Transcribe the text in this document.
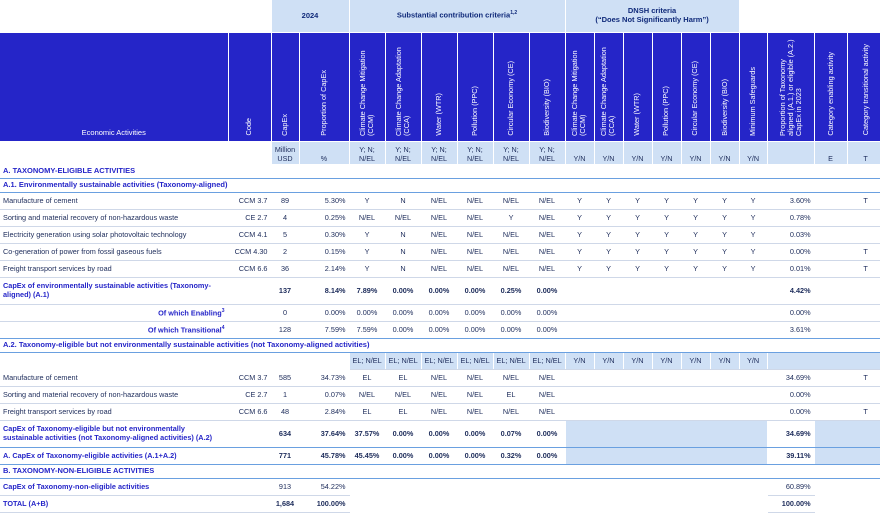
		2024		Substantial contribution criteria$^{1,2}$						DNSH criteria
(“Does Not Significantly Harm”)									
Economic Activities	Code	CapEx	Proportion of CapEx	Climate Change Mitigation (CCM)	Climate Change Adaptation (CCA)	Water (WTR)	Pollution (PPC)	Circular Economy (CE)	Biodiversity (BIO)	Climate Change Mitigation (CCM)	Climate Change Adaptation (CCA)	Water (WTR)	Pollution (PPC)	Circular Economy (CE)	Biodiversity (BIO)	Minimum Safeguards	Proportion of Taxonomy aligned (A.1.) or eligible (A.2.) CapEx in 2023	Category enabling activity	Category transitional activity
		Million USD	%	Y; N; N/EL	Y; N; N/EL	Y; N; N/EL	Y; N; N/EL	Y; N; N/EL	Y; N; N/EL	Y/N	Y/N	Y/N	Y/N	Y/N	Y/N	Y/N		E	T
A. TAXONOMY-ELIGIBLE ACTIVITIES																			
A.1. Environmentally sustainable activities (Taxonomy-aligned)																			
Manufacture of cement	CCM 3.7	89	5.30%	Y	N	N/EL	N/EL	N/EL	N/EL	Y	Y	Y	Y	Y	Y	Y	3.60%		T
Sorting and material recovery of non-hazardous waste	CE 2.7	4	0.25%	N/EL	N/EL	N/EL	N/EL	Y	N/EL	Y	Y	Y	Y	Y	Y	Y	0.78%		
Electricity generation using solar photovoltaic technology	CCM 4.1	5	0.30%	Y	N	N/EL	N/EL	N/EL	N/EL	Y	Y	Y	Y	Y	Y	Y	0.03%		
Co-generation of power from fossil gaseous fuels	CCM 4.30	2	0.15%	Y	N	N/EL	N/EL	N/EL	N/EL	Y	Y	Y	Y	Y	Y	Y	0.00%		T
Freight transport services by road	CCM 6.6	36	2.14%	Y	N	N/EL	N/EL	N/EL	N/EL	Y	Y	Y	Y	Y	Y	Y	0.01%		T
CapEx of environmentally sustainable activities (Taxonomy-aligned) (A.1)		137	8.14%	7.89%	0.00%	0.00%	0.00%	0.25%	0.00%								4.42%		
Of which Enabling$^3$		0	0.00%	0.00%	0.00%	0.00%	0.00%	0.00%	0.00%								0.00%		
Of which Transitional$^4$		128	7.59%	7.59%	0.00%	0.00%	0.00%	0.00%	0.00%								3.61%		
A.2. Taxonomy-eligible but not environmentally sustainable activities (not Taxonomy-aligned activities)																			
				EL; N/EL	EL; N/EL	EL; N/EL	EL; N/EL	EL; N/EL	EL; N/EL	Y/N	Y/N	Y/N	Y/N	Y/N	Y/N	Y/N			
Manufacture of cement	CCM 3.7	585	34.73%	EL	EL	N/EL	N/EL	N/EL	N/EL								34.69%		T
Sorting and material recovery of non-hazardous waste	CE 2.7	1	0.07%	N/EL	N/EL	N/EL	N/EL	EL	N/EL								0.00%		
Freight transport services by road	CCM 6.6	48	2.84%	EL	EL	N/EL	N/EL	N/EL	N/EL								0.00%		T
CapEx of Taxonomy-eligible but not environmentally sustainable activities (not Taxonomy-aligned activities) (A.2)		634	37.64%	37.57%	0.00%	0.00%	0.00%	0.07%	0.00%								34.69%		
A. CapEx of Taxonomy-eligible activities (A.1+A.2)		771	45.78%	45.45%	0.00%	0.00%	0.00%	0.32%	0.00%								39.11%		
B. TAXONOMY-NON-ELIGIBLE ACTIVITIES																			
CapEx of Taxonomy-non-eligible activities		913	54.22%														60.89%		
TOTAL (A+B)		1,684	100.00%														100.00%		
